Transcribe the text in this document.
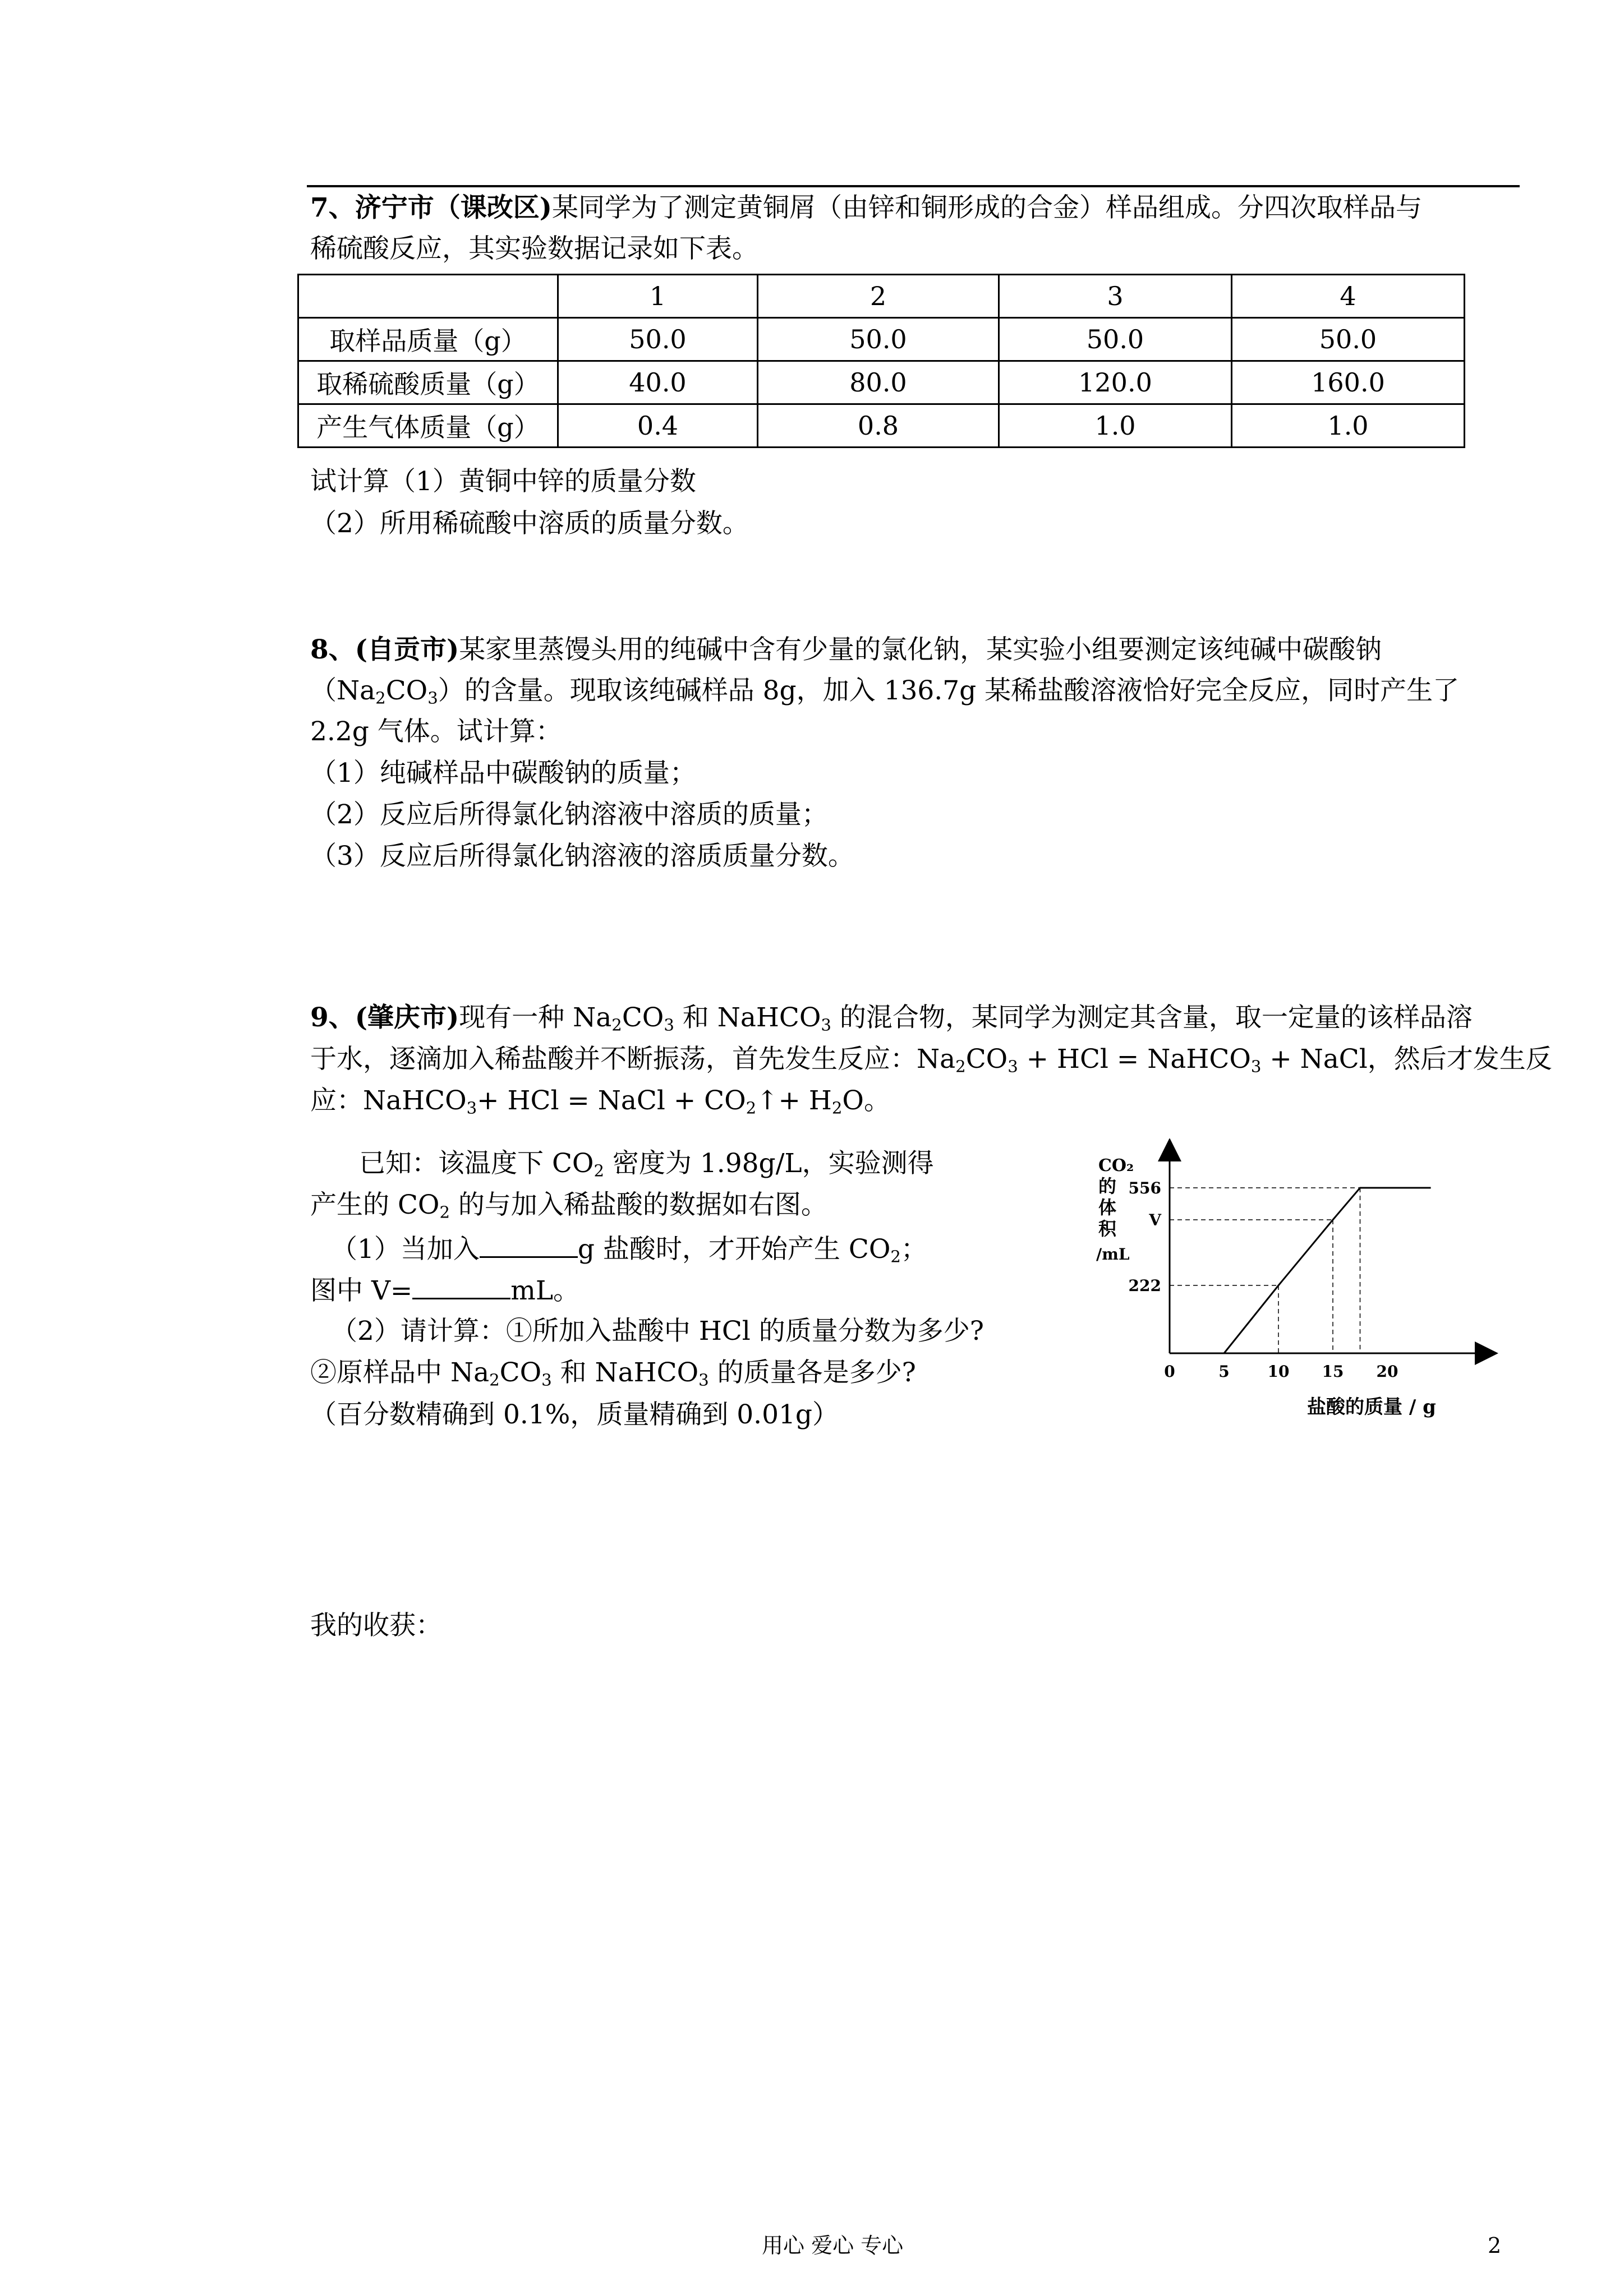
7、济宁市（课改区)某同学为了测定黄铜屑（由锌和铜形成的合金）样品组成。分四次取样品与
稀硫酸反应，其实验数据记录如下表。
	1	2	3	4
取样品质量（g）	50.0	50.0	50.0	50.0
取稀硫酸质量（g）	40.0	80.0	120.0	160.0
产生气体质量（g）	0.4	0.8	1.0	1.0
试计算（1）黄铜中锌的质量分数
（2）所用稀硫酸中溶质的质量分数。
8、(自贡市)某家里蒸馒头用的纯碱中含有少量的氯化钠，某实验小组要测定该纯碱中碳酸钠
$(Na_2CO_3)$的含量。现取该纯碱样品 8g，加入 136.7g 某稀盐酸溶液恰好完全反应，同时产生了
2.2g 气体。试计算：
（1）纯碱样品中碳酸钠的质量；
（2）反应后所得氯化钠溶液中溶质的质量；
（3）反应后所得氯化钠溶液的溶质质量分数。
9、(肇庆市)现有一种 $Na_2CO_3$ 和 NaHCO$_3$ 的混合物，某同学为测定其含量，取一定量的该样品溶
于水，逐滴加入稀盐酸并不断振荡，首先发生反应：$Na_2CO_3$ + HCl = NaHCO$_3$ + NaCl，然后才发生反
应：NaHCO$_3$+ HCl = NaCl + $CO_2↑+ H_2O$。
已知：该温度下 $CO_2$ 密度为 1.98g/L，实验测得
产生的 $CO_2$ 的与加入稀盐酸的数据如右图。
（1）当加入	g 盐酸时，才开始产生 $CO_2$；
图中 V=	mL。
（2）请计算：①所加入盐酸中 HCl 的质量分数为多少?
②原样品中 $Na_2CO_3$ 和 NaHCO$_3$ 的质量各是多少?
（百分数精确到 0.1%，质量精确到 0.01g）
CO₂
的
体
积
/mL
222
V
556
0	5 10 15 20
盐酸的质量 / g
我的收获：
用心 爱心 专心	2
